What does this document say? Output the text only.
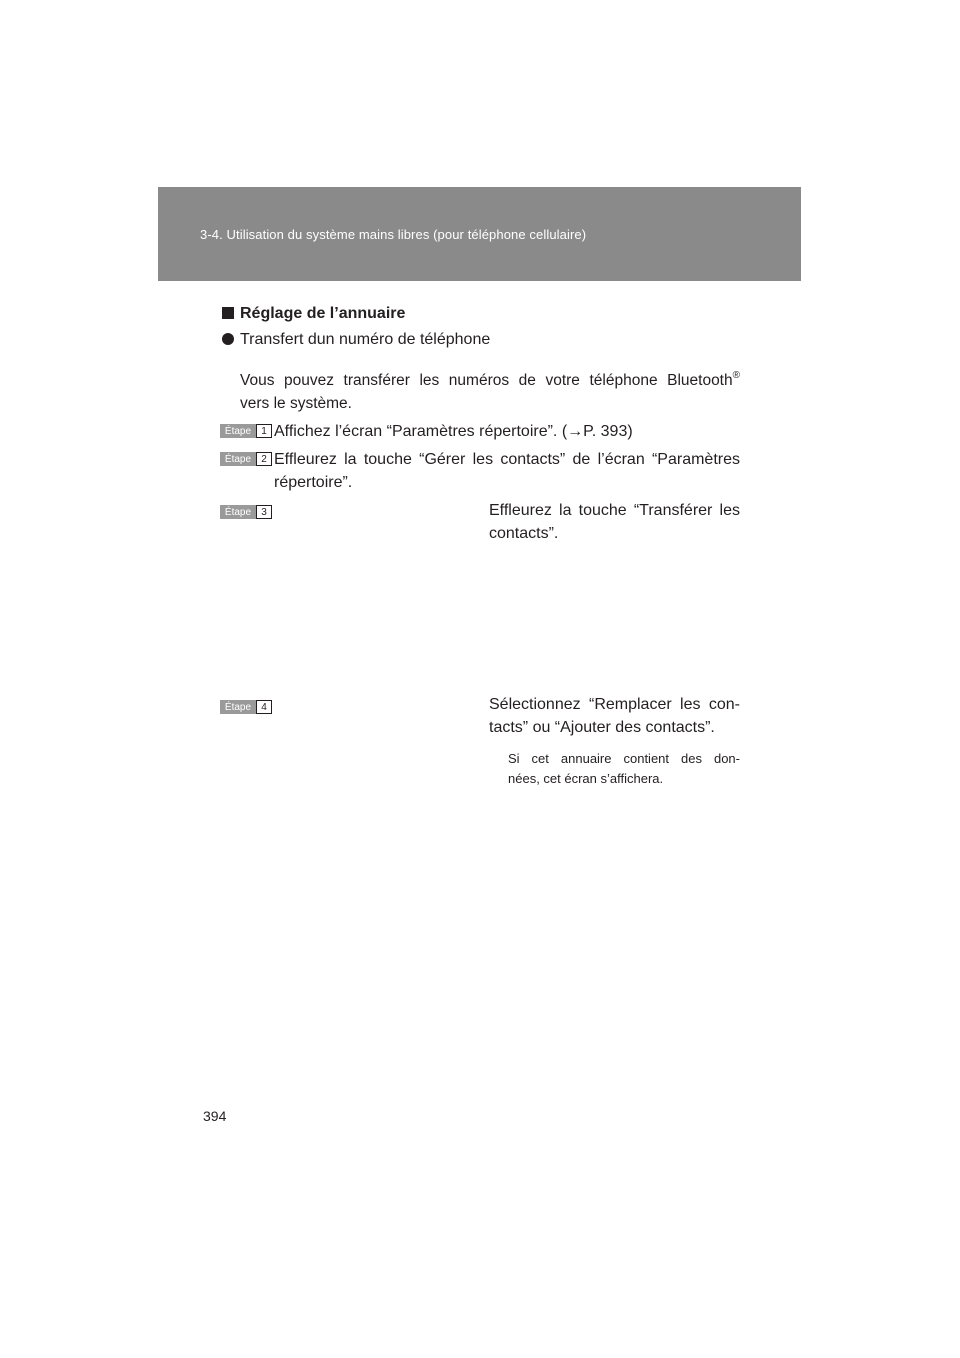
3-4. Utilisation du système mains libres (pour téléphone cellulaire)
Réglage de l’annuaire
Transfert dun numéro de téléphone
Vous pouvez transférer les numéros de votre téléphone Bluetooth®
vers le système.
Étape	1 Affichez l’écran “Paramètres répertoire”. (→P. 393)
Étape	2 Effleurez la touche “Gérer les contacts” de l’écran “Paramètres
répertoire”.
Étape	3	Effleurez la touche “Transférer les
contacts”.
Étape	4	Sélectionnez “Remplacer les con-
tacts” ou “Ajouter des contacts”.
Si cet annuaire contient des don-
nées, cet écran s’affichera.
394
